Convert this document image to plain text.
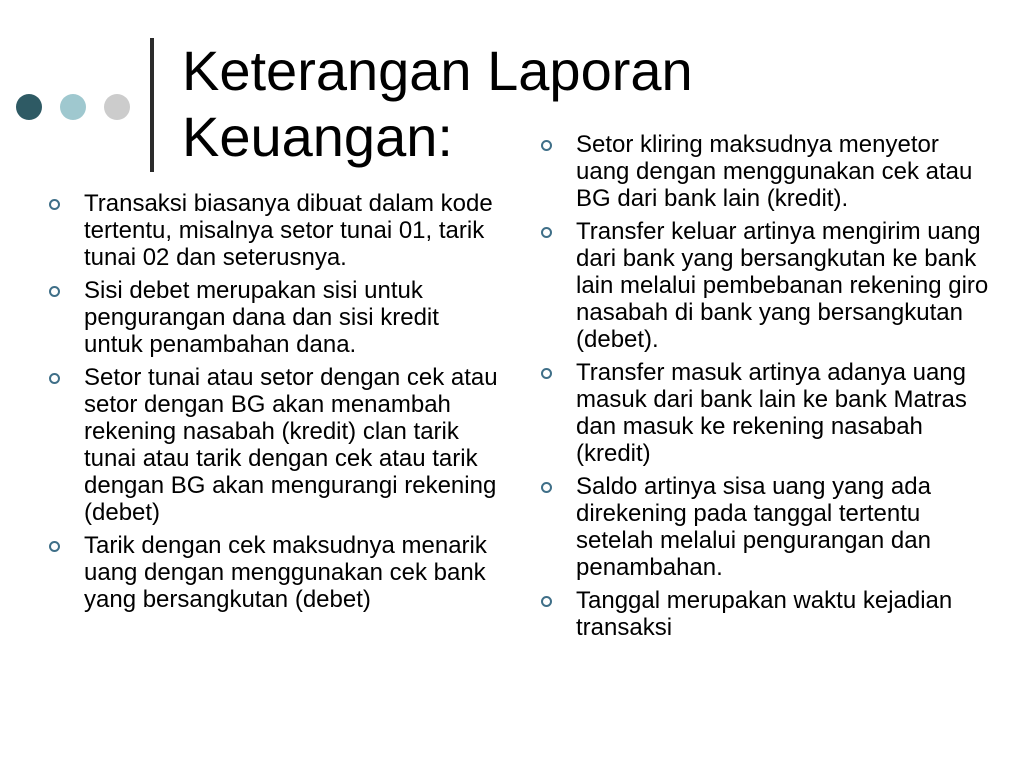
Keterangan Laporan Keuangan:
Transaksi biasanya dibuat dalam kode tertentu, misalnya setor tunai 01, tarik tunai 02 dan seterusnya.
Sisi debet merupakan sisi untuk pengurangan dana dan sisi kredit untuk penambahan dana.
Setor tunai atau setor dengan cek atau setor dengan BG akan menambah rekening nasabah (kredit) clan tarik tunai atau tarik dengan cek atau tarik dengan BG akan mengurangi rekening (debet)
Tarik dengan cek maksudnya menarik uang dengan menggunakan cek bank yang bersangkutan (debet)
Setor kliring maksudnya menyetor uang dengan menggunakan cek atau BG dari bank lain (kredit).
Transfer keluar artinya mengirim uang dari bank yang bersangkutan ke bank lain melalui pembebanan rekening giro nasabah di bank yang bersangkutan (debet).
Transfer masuk artinya adanya uang masuk dari bank lain ke bank Matras dan masuk ke rekening nasabah (kredit)
Saldo artinya sisa uang yang ada direkening pada tanggal tertentu setelah melalui pengurangan dan penambahan.
Tanggal merupakan waktu kejadian transaksi
